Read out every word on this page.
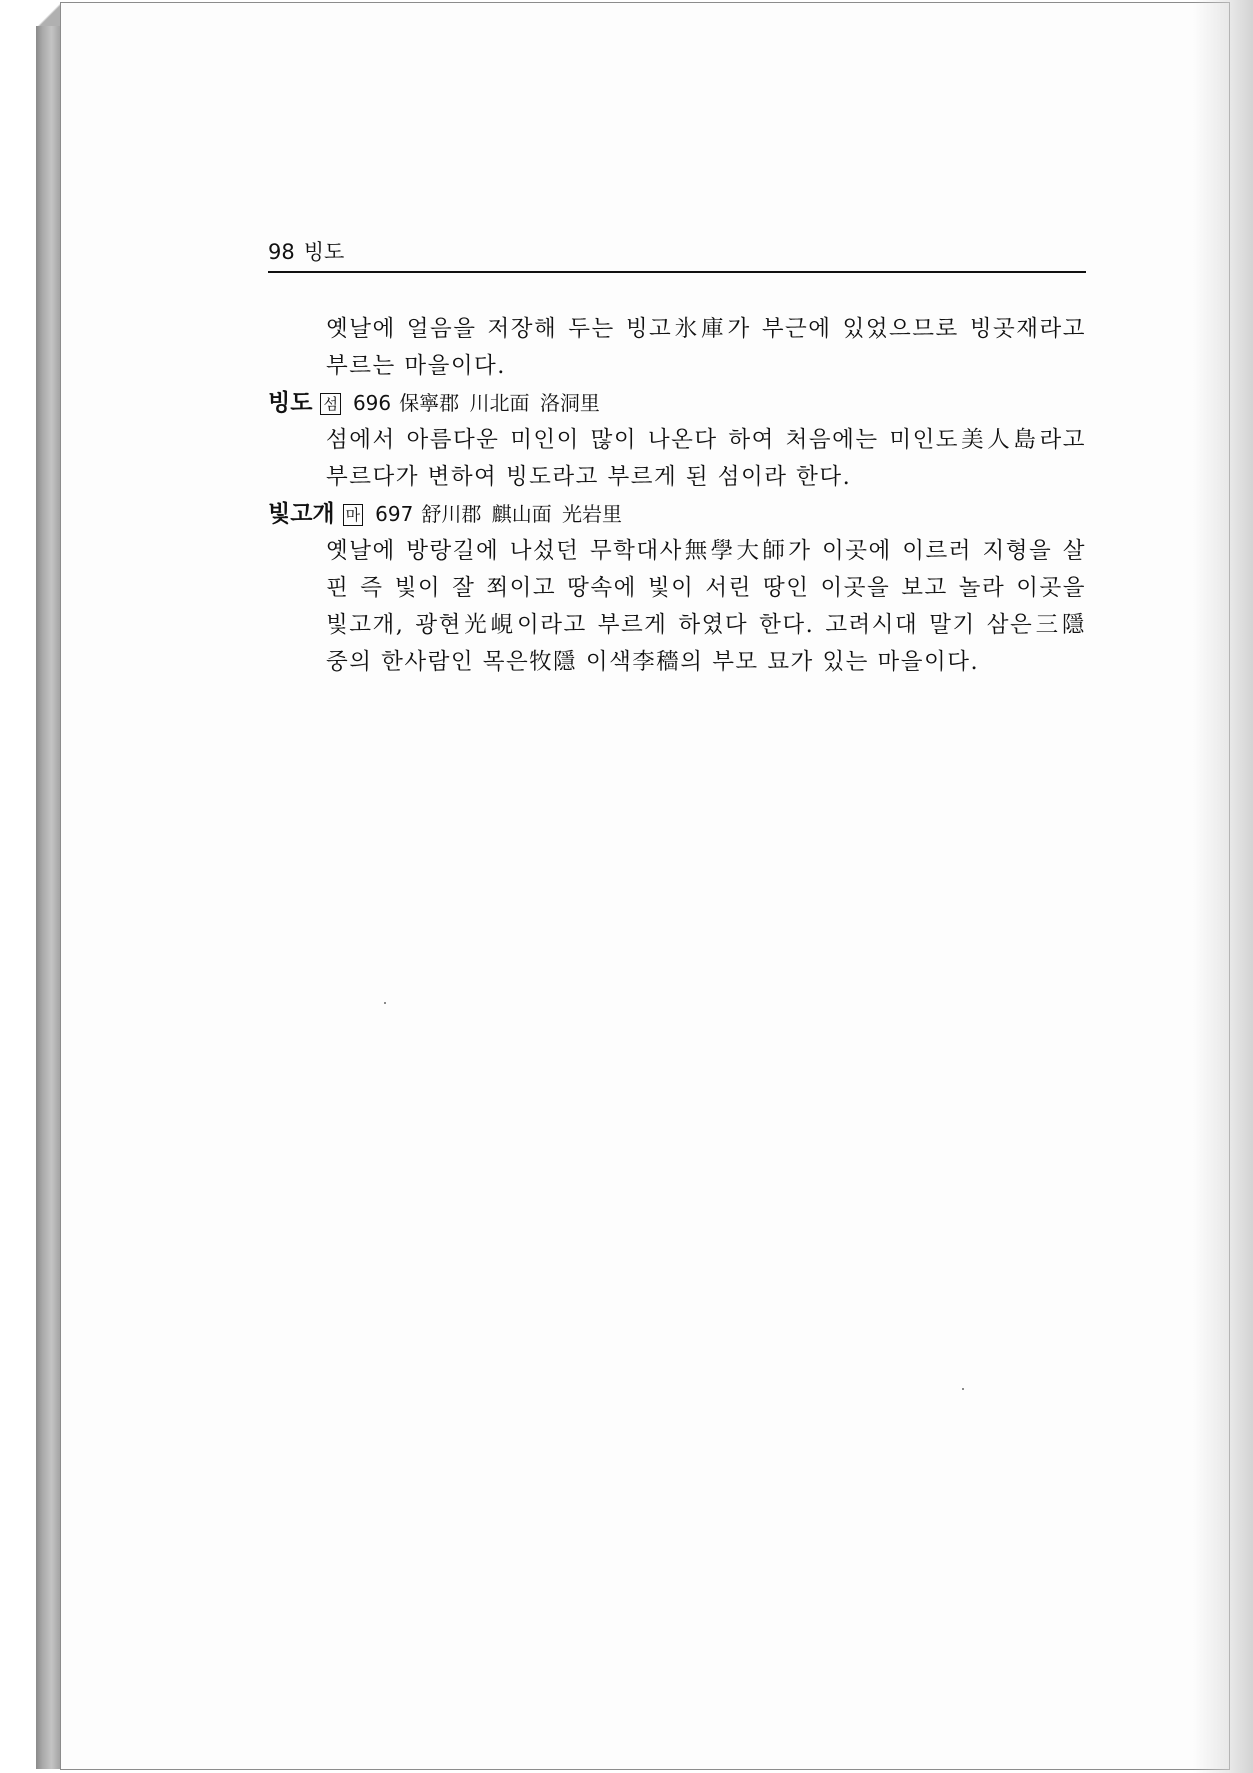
98 빙도
옛날에 얼음을 저장해 두는 빙고氷庫가 부근에 있었으므로 빙곳재라고 부르는 마을이다.
빙도 섬 696 保寧郡 川北面 洛洞里
섬에서 아름다운 미인이 많이 나온다 하여 처음에는 미인도美人島라고 부르다가 변하여 빙도라고 부르게 된 섬이라 한다.
빛고개 마 697 舒川郡 麒山面 光岩里
옛날에 방랑길에 나섰던 무학대사無學大師가 이곳에 이르러 지형을 살핀 즉 빛이 잘 쬐이고 땅속에 빛이 서린 땅인 이곳을 보고 놀라 이곳을 빛고개, 광현光峴이라고 부르게 하였다 한다. 고려시대 말기 삼은三隱 중의 한사람인 목은牧隱 이색李穡의 부모 묘가 있는 마을이다.
